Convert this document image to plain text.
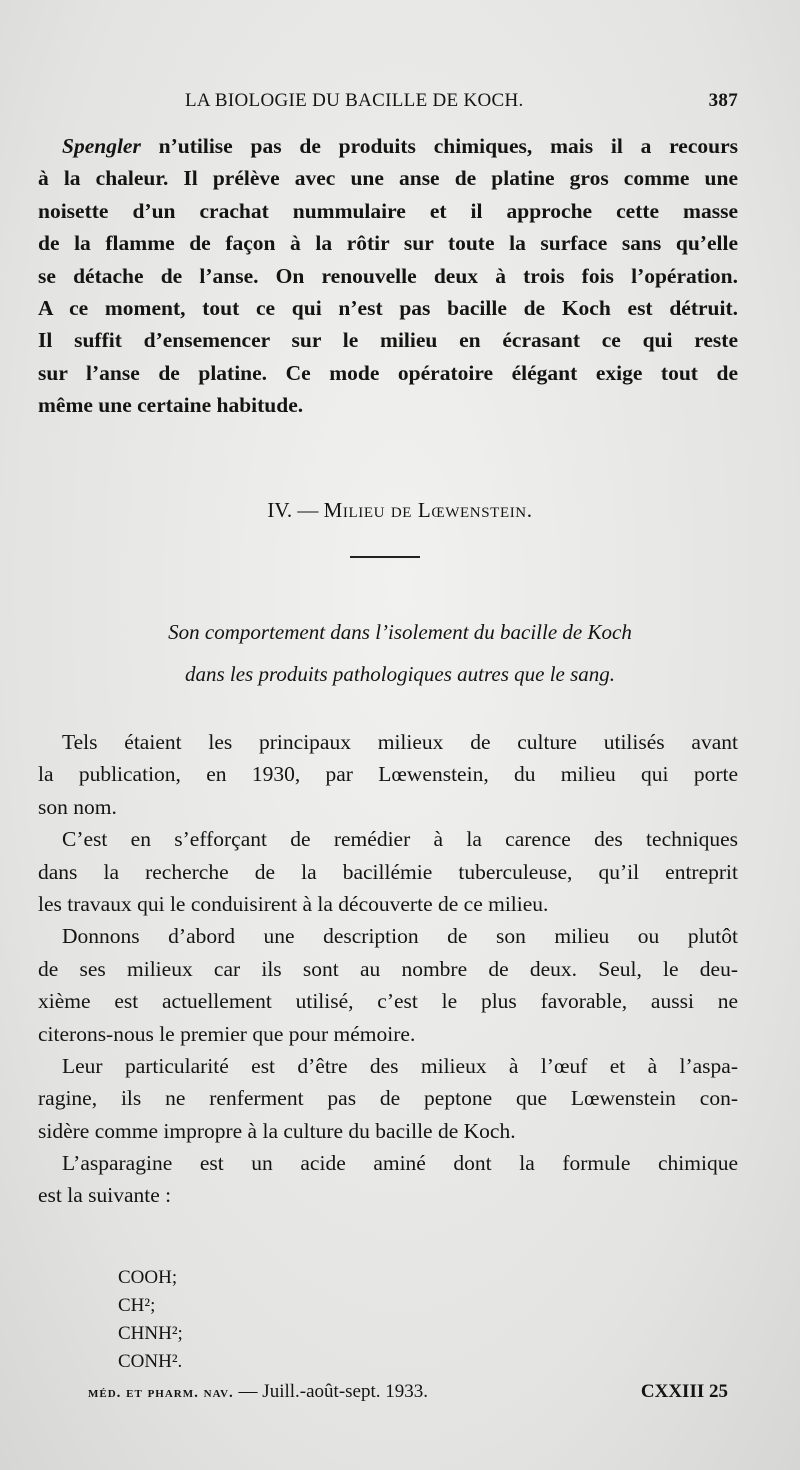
LA BIOLOGIE DU BACILLE DE KOCH.	387
Spengler n’utilise pas de produits chimiques, mais il a recours
à la chaleur. Il prélève avec une anse de platine gros comme une
noisette d’un crachat nummulaire et il approche cette masse
de la flamme de façon à la rôtir sur toute la surface sans qu’elle
se détache de l’anse. On renouvelle deux à trois fois l’opération.
A ce moment, tout ce qui n’est pas bacille de Koch est détruit.
Il suffit d’ensemencer sur le milieu en écrasant ce qui reste
sur l’anse de platine. Ce mode opératoire élégant exige tout de
même une certaine habitude.
IV. — Milieu de Lœwenstein.
Son comportement dans l’isolement du bacille de Koch
dans les produits pathologiques autres que le sang.
Tels étaient les principaux milieux de culture utilisés avant
la publication, en 1930, par Lœwenstein, du milieu qui porte
son nom.
C’est en s’efforçant de remédier à la carence des techniques
dans la recherche de la bacillémie tuberculeuse, qu’il entreprit
les travaux qui le conduisirent à la découverte de ce milieu.
Donnons d’abord une description de son milieu ou plutôt
de ses milieux car ils sont au nombre de deux. Seul, le deu-
xième est actuellement utilisé, c’est le plus favorable, aussi ne
citerons-nous le premier que pour mémoire.
Leur particularité est d’être des milieux à l’œuf et à l’aspa-
ragine, ils ne renferment pas de peptone que Lœwenstein con-
sidère comme impropre à la culture du bacille de Koch.
L’asparagine est un acide aminé dont la formule chimique
est la suivante :
COOH;
CH²;
CHNH²;
CONH².
méd. et pharm. nav. — Juill.-août-sept. 1933.	CXXIII 25
